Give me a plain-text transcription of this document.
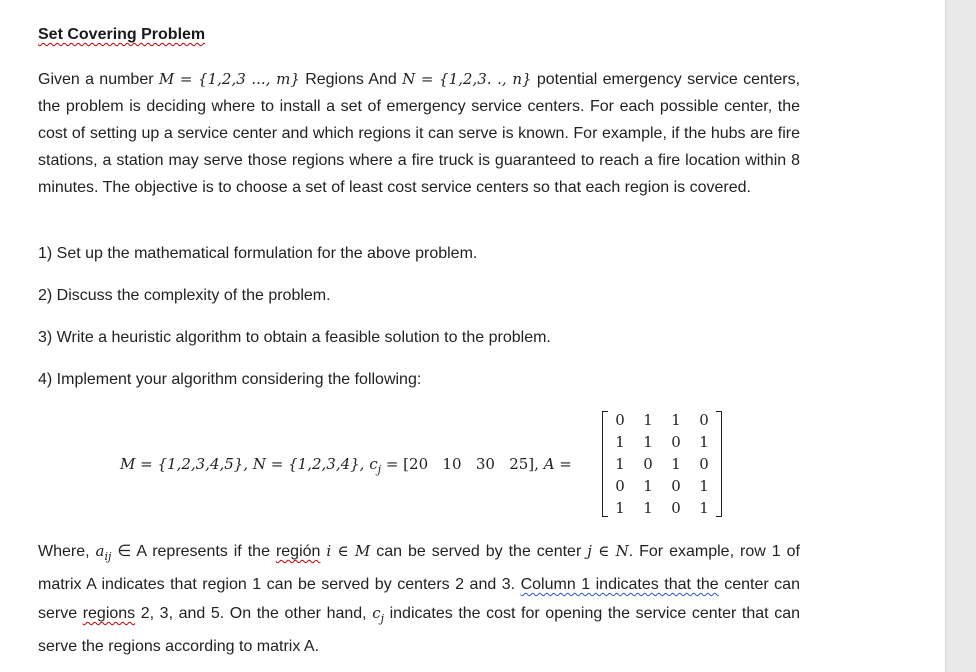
Set Covering Problem
Given a number M = {1,2,3 ..., m} Regions And N = {1,2,3. ., n} potential emergency service centers, the problem is deciding where to install a set of emergency service centers. For each possible center, the cost of setting up a service center and which regions it can serve is known. For example, if the hubs are fire stations, a station may serve those regions where a fire truck is guaranteed to reach a fire location within 8 minutes. The objective is to choose a set of least cost service centers so that each region is covered.
1) Set up the mathematical formulation for the above problem.
2) Discuss the complexity of the problem.
3) Write a heuristic algorithm to obtain a feasible solution to the problem.
4) Implement your algorithm considering the following:
M = {1,2,3,4,5}, N = {1,2,3,4}, $c_j = [20$   10   30   25], A =
0	1	1	0
1	1	0	1
1	0	1	0
0	1	0	1
1	1	0	1
Where, $a_{ij}$ ∈ A represents if the región i ∈ M can be served by the center j ∈ N. For example, row 1 of matrix A indicates that region 1 can be served by centers 2 and 3. Column 1 indicates that the center can serve regions 2, 3, and 5. On the other hand, $c_j$ indicates the cost for opening the service center that can serve the regions according to matrix A.
